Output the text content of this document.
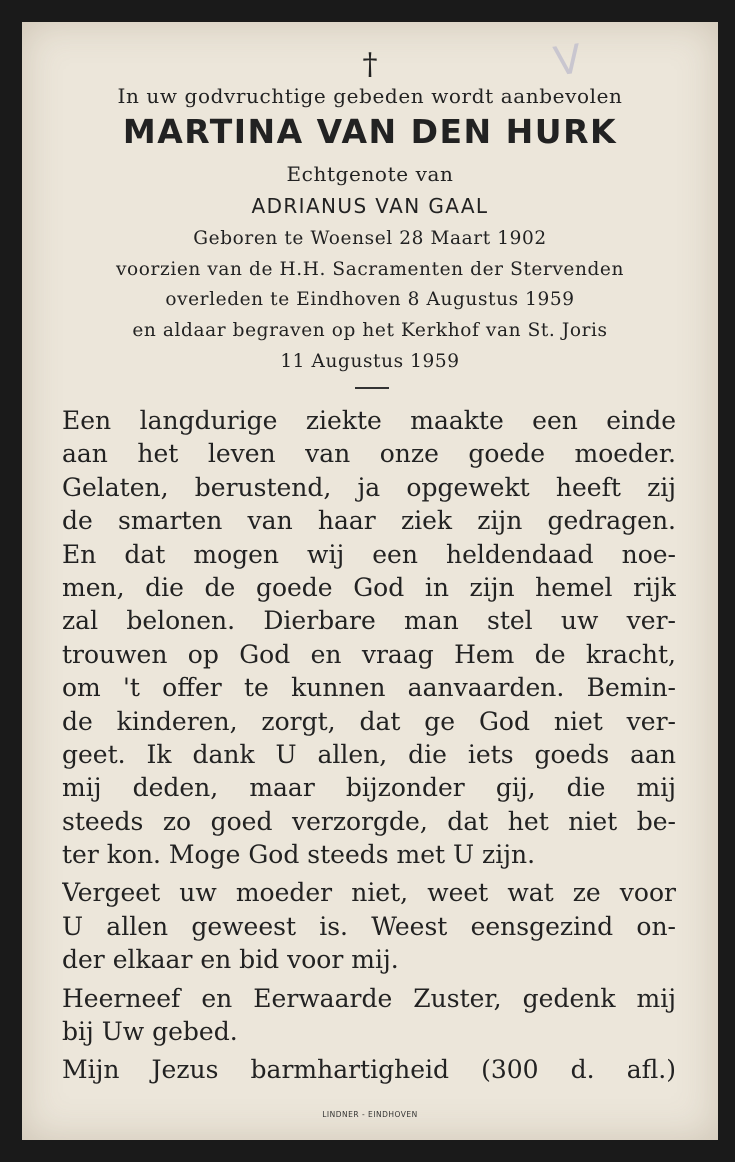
V
†
In uw godvruchtige gebeden wordt aanbevolen
MARTINA VAN DEN HURK
Echtgenote van
ADRIANUS VAN GAAL
Geboren te Woensel 28 Maart 1902
voorzien van de H.H. Sacramenten der Stervenden
overleden te Eindhoven 8 Augustus 1959
en aldaar begraven op het Kerkhof van St. Joris
11 Augustus 1959
Een langdurige ziekte maakte een einde
aan het leven van onze goede moeder.
Gelaten, berustend, ja opgewekt heeft zij
de smarten van haar ziek zijn gedragen.
En dat mogen wij een heldendaad noe-
men, die de goede God in zijn hemel rijk
zal belonen. Dierbare man stel uw ver-
trouwen op God en vraag Hem de kracht,
om 't offer te kunnen aanvaarden. Bemin-
de kinderen, zorgt, dat ge God niet ver-
geet. Ik dank U allen, die iets goeds aan
mij deden, maar bijzonder gij, die mij
steeds zo goed verzorgde, dat het niet be-
ter kon. Moge God steeds met U zijn.
Vergeet uw moeder niet, weet wat ze voor
U allen geweest is. Weest eensgezind on-
der elkaar en bid voor mij.
Heerneef en Eerwaarde Zuster, gedenk mij
bij Uw gebed.
Mijn Jezus barmhartigheid (300 d. afl.)
LINDNER - EINDHOVEN
